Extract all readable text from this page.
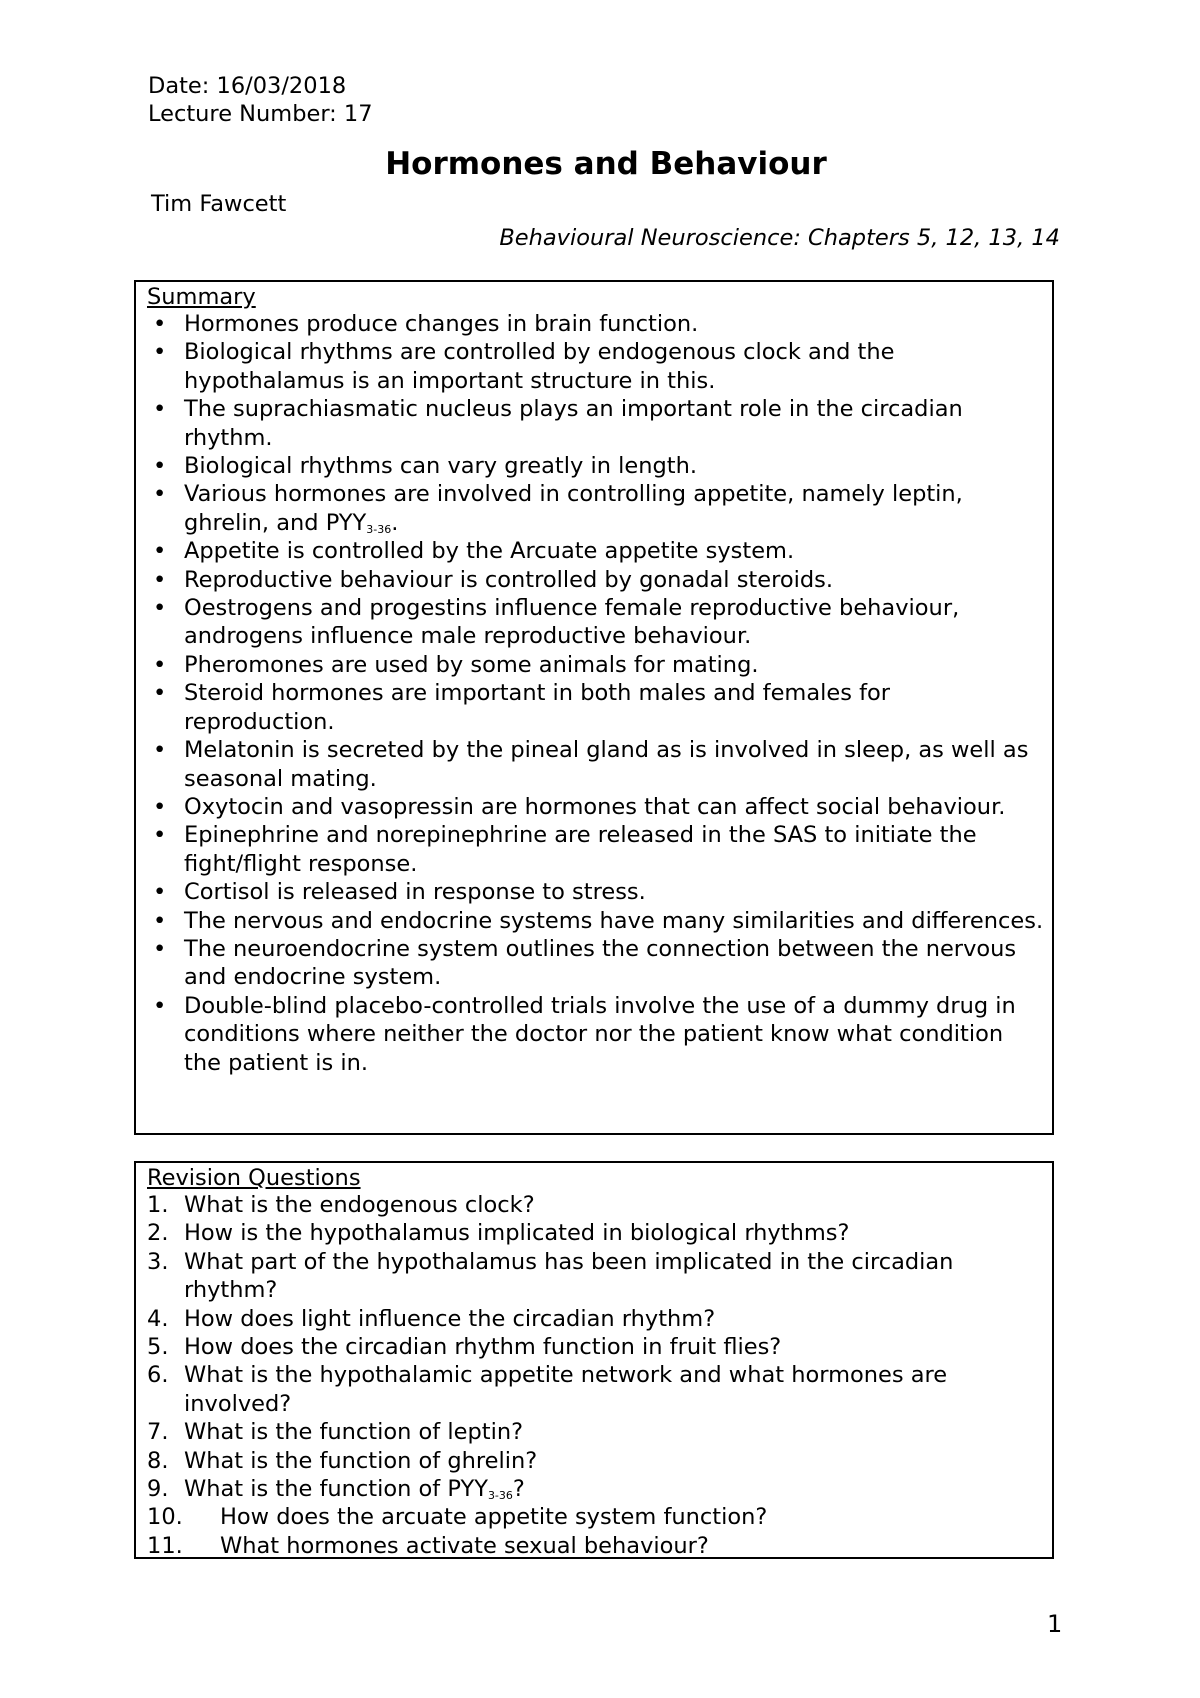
Date: 16/03/2018
Lecture Number: 17
Hormones and Behaviour
Tim Fawcett
Behavioural Neuroscience: Chapters 5, 12, 13, 14
Summary
• Hormones produce changes in brain function.
• Biological rhythms are controlled by endogenous clock and the hypothalamus is an important structure in this.
• The suprachiasmatic nucleus plays an important role in the circadian rhythm.
• Biological rhythms can vary greatly in length.
• Various hormones are involved in controlling appetite, namely leptin, ghrelin, and $PYY_{3-36}$.
• Appetite is controlled by the Arcuate appetite system.
• Reproductive behaviour is controlled by gonadal steroids.
• Oestrogens and progestins influence female reproductive behaviour, androgens influence male reproductive behaviour.
• Pheromones are used by some animals for mating.
• Steroid hormones are important in both males and females for reproduction.
• Melatonin is secreted by the pineal gland as is involved in sleep, as well as seasonal mating.
• Oxytocin and vasopressin are hormones that can affect social behaviour.
• Epinephrine and norepinephrine are released in the SAS to initiate the fight/flight response.
• Cortisol is released in response to stress.
• The nervous and endocrine systems have many similarities and differences.
• The neuroendocrine system outlines the connection between the nervous and endocrine system.
• Double-blind placebo-controlled trials involve the use of a dummy drug in conditions where neither the doctor nor the patient know what condition the patient is in.
Revision Questions
1. What is the endogenous clock?
2. How is the hypothalamus implicated in biological rhythms?
3. What part of the hypothalamus has been implicated in the circadian rhythm?
4. How does light influence the circadian rhythm?
5. How does the circadian rhythm function in fruit flies?
6. What is the hypothalamic appetite network and what hormones are involved?
7. What is the function of leptin?
8. What is the function of ghrelin?
9. What is the function of $PYY_{3-36}$?
10. How does the arcuate appetite system function?
11. What hormones activate sexual behaviour?
1
